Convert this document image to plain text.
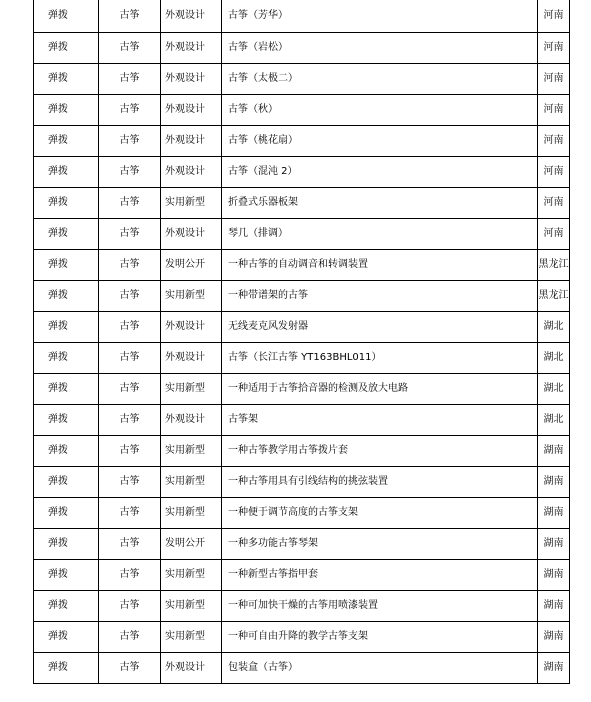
弹拨	古筝	外观设计	古筝（芳华）	河南
弹拨	古筝	外观设计	古筝（岩松）	河南
弹拨	古筝	外观设计	古筝（太极二）	河南
弹拨	古筝	外观设计	古筝（秋）	河南
弹拨	古筝	外观设计	古筝（桃花扇）	河南
弹拨	古筝	外观设计	古筝（混沌 2）	河南
弹拨	古筝	实用新型	折叠式乐器板架	河南
弹拨	古筝	外观设计	琴几（排调）	河南
弹拨	古筝	发明公开	一种古筝的自动调音和转调装置	黑龙江
弹拨	古筝	实用新型	一种带谱架的古筝	黑龙江
弹拨	古筝	外观设计	无线麦克风发射器	湖北
弹拨	古筝	外观设计	古筝（长江古筝 YT163BHL011）	湖北
弹拨	古筝	实用新型	一种适用于古筝拾音器的检测及放大电路	湖北
弹拨	古筝	外观设计	古筝架	湖北
弹拨	古筝	实用新型	一种古筝教学用古筝拨片套	湖南
弹拨	古筝	实用新型	一种古筝用具有引线结构的挑弦装置	湖南
弹拨	古筝	实用新型	一种便于调节高度的古筝支架	湖南
弹拨	古筝	发明公开	一种多功能古筝琴架	湖南
弹拨	古筝	实用新型	一种新型古筝指甲套	湖南
弹拨	古筝	实用新型	一种可加快干燥的古筝用喷漆装置	湖南
弹拨	古筝	实用新型	一种可自由升降的教学古筝支架	湖南
弹拨	古筝	外观设计	包装盒（古筝）	湖南
